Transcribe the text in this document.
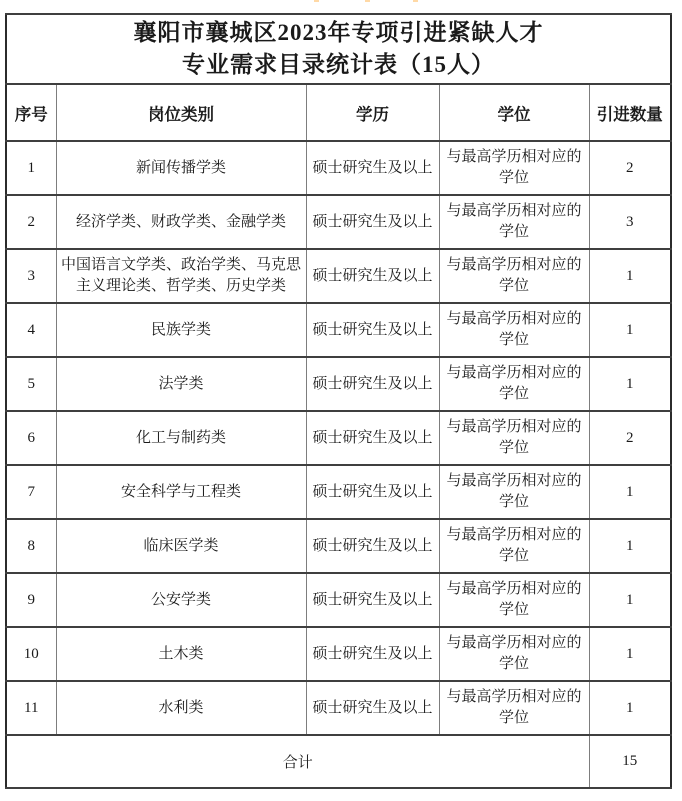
襄阳市襄城区2023年专项引进紧缺人才
专业需求目录统计表（15人）				

序号	岗位类别	学历	学位	引进数量
1	新闻传播学类	硕士研究生及以上	与最高学历相对应的学位	2
2	经济学类、财政学类、金融学类	硕士研究生及以上	与最高学历相对应的学位	3
3	中国语言文学类、政治学类、马克思主义理论类、哲学类、历史学类	硕士研究生及以上	与最高学历相对应的学位	1
4	民族学类	硕士研究生及以上	与最高学历相对应的学位	1
5	法学类	硕士研究生及以上	与最高学历相对应的学位	1
6	化工与制药类	硕士研究生及以上	与最高学历相对应的学位	2
7	安全科学与工程类	硕士研究生及以上	与最高学历相对应的学位	1
8	临床医学类	硕士研究生及以上	与最高学历相对应的学位	1
9	公安学类	硕士研究生及以上	与最高学历相对应的学位	1
10	土木类	硕士研究生及以上	与最高学历相对应的学位	1
11	水利类	硕士研究生及以上	与最高学历相对应的学位	1
合计				15
